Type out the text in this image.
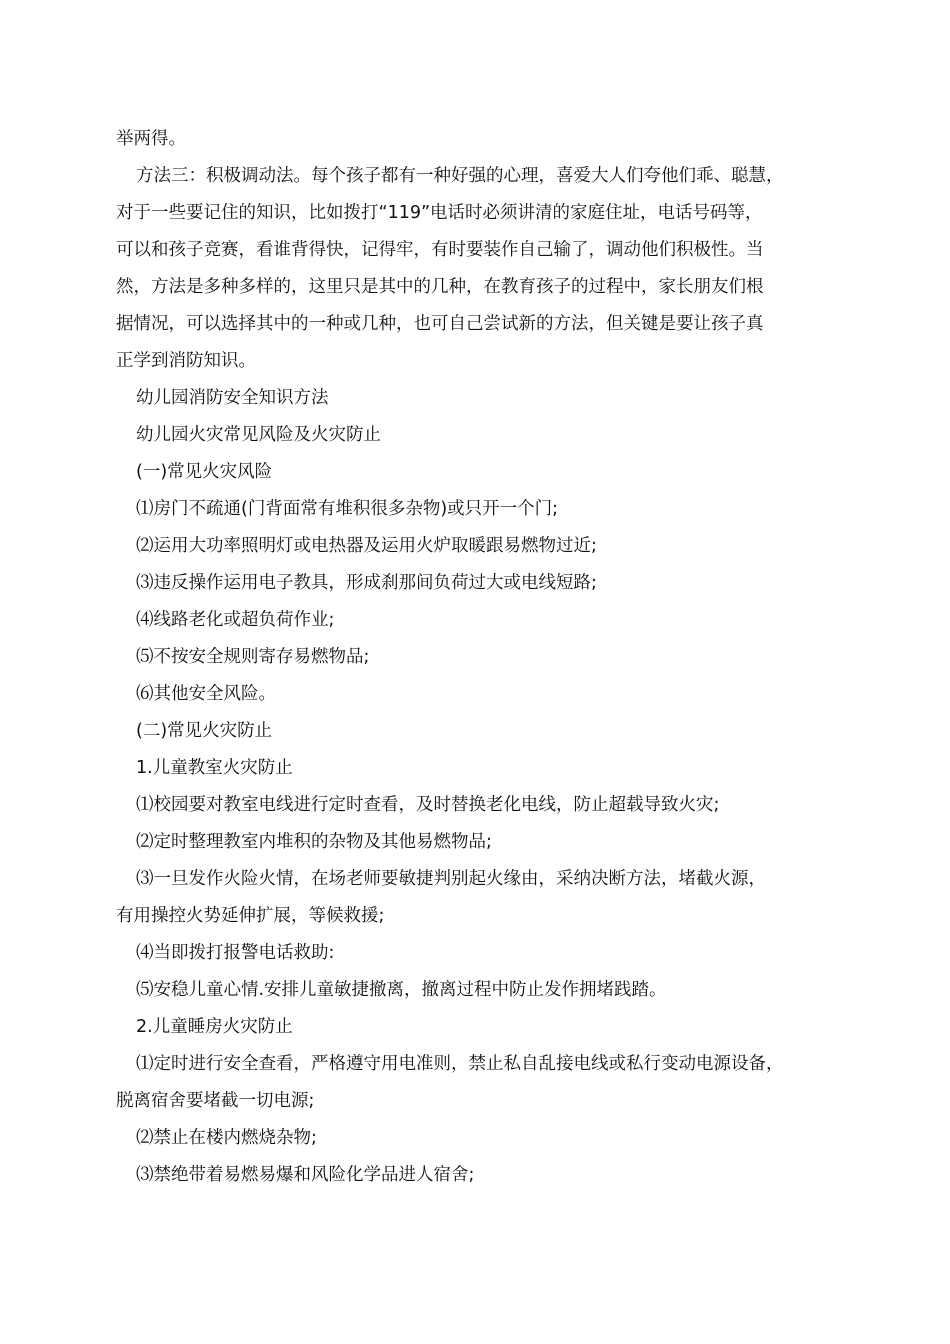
举两得。
方法三：积极调动法。每个孩子都有一种好强的心理，喜爱大人们夸他们乖、聪慧，
对于一些要记住的知识，比如拨打“119”电话时必须讲清的家庭住址，电话号码等，
可以和孩子竞赛，看谁背得快，记得牢，有时要装作自己输了，调动他们积极性。当
然，方法是多种多样的，这里只是其中的几种，在教育孩子的过程中，家长朋友们根
据情况，可以选择其中的一种或几种，也可自己尝试新的方法，但关键是要让孩子真
正学到消防知识。
幼儿园消防安全知识方法
幼儿园火灾常见风险及火灾防止
(一)常见火灾风险
⑴房门不疏通(门背面常有堆积很多杂物)或只开一个门;
⑵运用大功率照明灯或电热器及运用火炉取暖跟易燃物过近;
⑶违反操作运用电子教具，形成刹那间负荷过大或电线短路;
⑷线路老化或超负荷作业;
⑸不按安全规则寄存易燃物品;
⑹其他安全风险。
(二)常见火灾防止
1.儿童教室火灾防止
⑴校园要对教室电线进行定时查看，及时替换老化电线，防止超载导致火灾;
⑵定时整理教室内堆积的杂物及其他易燃物品;
⑶一旦发作火险火情，在场老师要敏捷判别起火缘由，采纳决断方法，堵截火源，
有用操控火势延伸扩展，等候救援;
⑷当即拨打报警电话救助:
⑸安稳儿童心情.安排儿童敏捷撤离，撤离过程中防止发作拥堵践踏。
2.儿童睡房火灾防止
⑴定时进行安全查看，严格遵守用电准则，禁止私自乱接电线或私行变动电源设备，
脱离宿舍要堵截一切电源;
⑵禁止在楼内燃烧杂物;
⑶禁绝带着易燃易爆和风险化学品进人宿舍;
